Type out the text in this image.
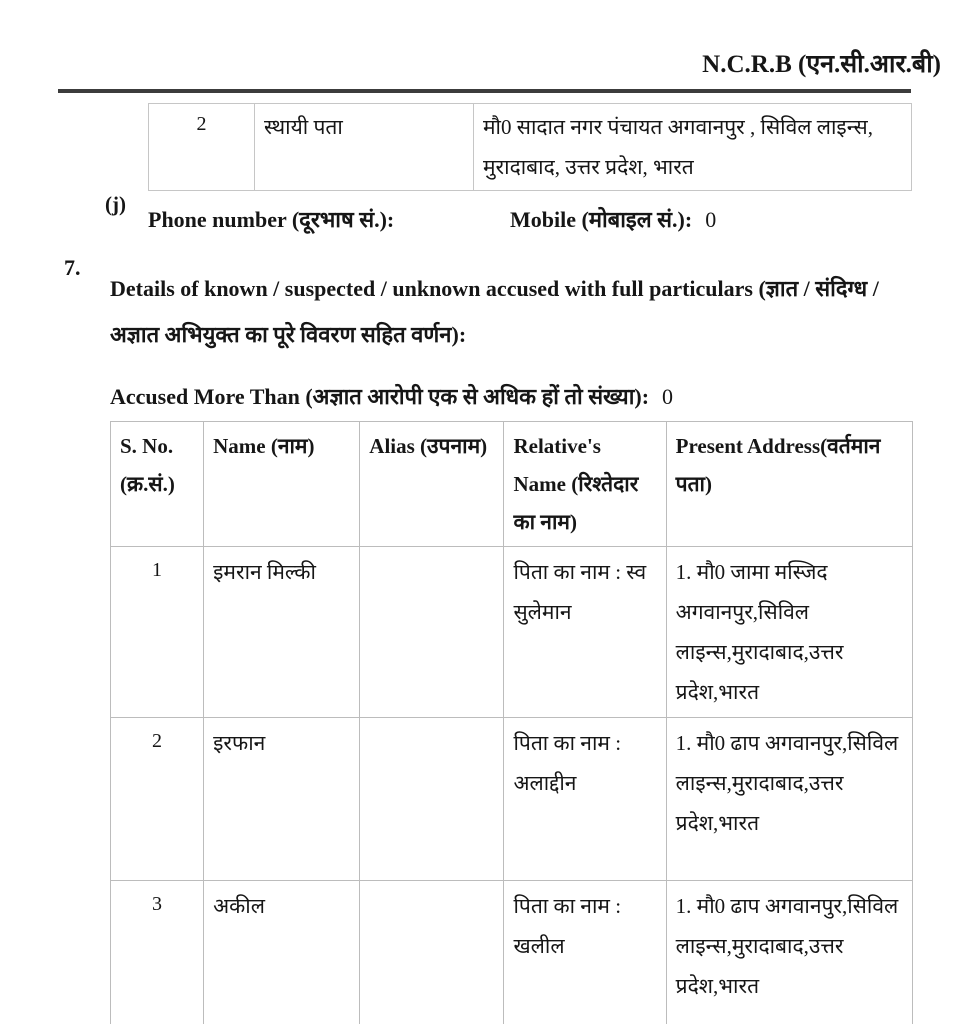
N.C.R.B (एन.सी.आर.बी)
2	स्थायी पता	मौ0 सादात नगर पंचायत अगवानपुर , सिविल लाइन्स, मुरादाबाद, उत्तर प्रदेश, भारत
(j)
Phone number (दूरभाष सं.):	Mobile (मोबाइल सं.): 0
7.
Details of known / suspected / unknown accused with full particulars (ज्ञात / संदिग्ध / अज्ञात अभियुक्त का पूरे विवरण सहित वर्णन):
Accused More Than (अज्ञात आरोपी एक से अधिक हों तो संख्या): 0
S. No. (क्र.सं.)	Name (नाम)	Alias (उपनाम)	Relative's Name (रिश्तेदार का नाम)	Present Address(वर्तमान पता)
1	इमरान मिल्की		पिता का नाम : स्व सुलेमान	1. मौ0 जामा मस्जिद अगवानपुर,सिविल लाइन्स,मुरादाबाद,उत्तर प्रदेश,भारत
2	इरफान		पिता का नाम : अलाद्दीन	1. मौ0 ढाप अगवानपुर,सिविल लाइन्स,मुरादाबाद,उत्तर प्रदेश,भारत
3	अकील		पिता का नाम : खलील	1. मौ0 ढाप अगवानपुर,सिविल लाइन्स,मुरादाबाद,उत्तर प्रदेश,भारत
